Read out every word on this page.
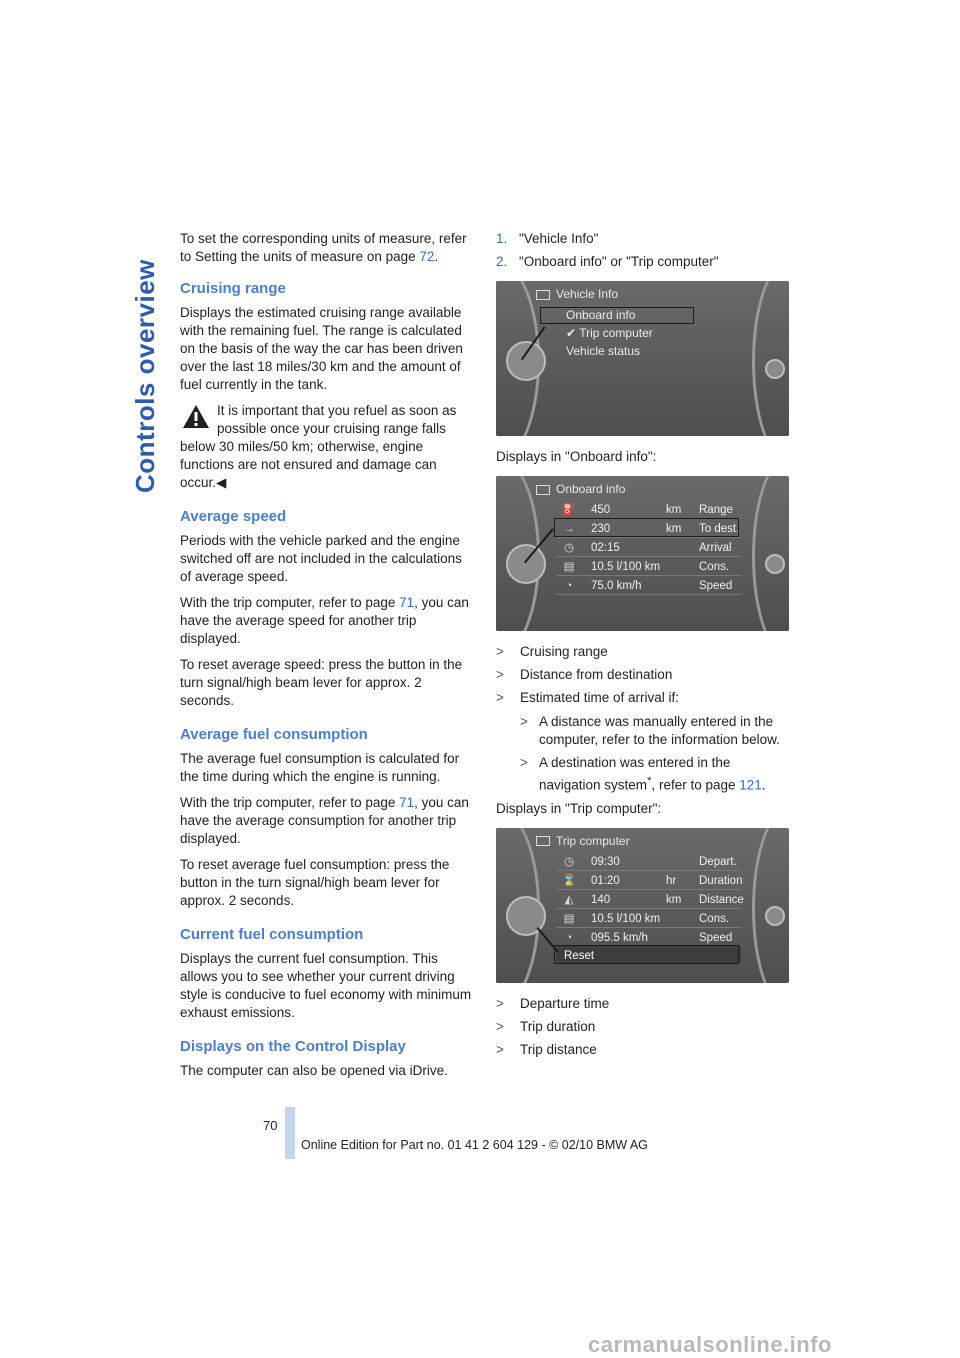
Controls overview

To set the corresponding units of measure, refer to Setting the units of measure on page 72.

Cruising range

Displays the estimated cruising range available with the remaining fuel. The range is calculated on the basis of the way the car has been driven over the last 18 miles/30 km and the amount of fuel currently in the tank.

It is important that you refuel as soon as possible once your cruising range falls
below 30 miles/50 km; otherwise, engine functions are not ensured and damage can occur.◀

Average speed

Periods with the vehicle parked and the engine switched off are not included in the calculations of average speed.

With the trip computer, refer to page 71, you can have the average speed for another trip displayed.

To reset average speed: press the button in the turn signal/high beam lever for approx. 2 seconds.

Average fuel consumption

The average fuel consumption is calculated for the time during which the engine is running.

With the trip computer, refer to page 71, you can have the average consumption for another trip displayed.

To reset average fuel consumption: press the button in the turn signal/high beam lever for approx. 2 seconds.

Current fuel consumption

Displays the current fuel consumption. This allows you to see whether your current driving style is conducive to fuel economy with minimum exhaust emissions.

Displays on the Control Display

The computer can also be opened via iDrive.

1. "Vehicle Info"
2. "Onboard info" or "Trip computer"
Vehicle Info
Onboard info
✔ Trip computer
Vehicle status

Displays in "Onboard info":

Onboard info
⛽ 450	km Range
→ 230	km To dest.
◷ 02:15	Arrival
▤ 10.5 l/100 km	Cons.
◔	75.0 km/h	Speed
> Cruising range
> Distance from destination
> Estimated time of arrival if:
> A distance was manually entered in the computer, refer to the information below.
> A destination was entered in the navigation system*, refer to page 121.

Displays in "Trip computer":

Trip computer
◷ 09:30	Depart.
⌛ 01:20	hr Duration
◭ 140	km Distance
▤ 10.5 l/100 km	Cons.
◔	095.5 km/h	Speed
Reset
> Departure time
> Trip duration
> Trip distance
70
Online Edition for Part no. 01 41 2 604 129 - © 02/10 BMW AG
carmanualsonline.info
